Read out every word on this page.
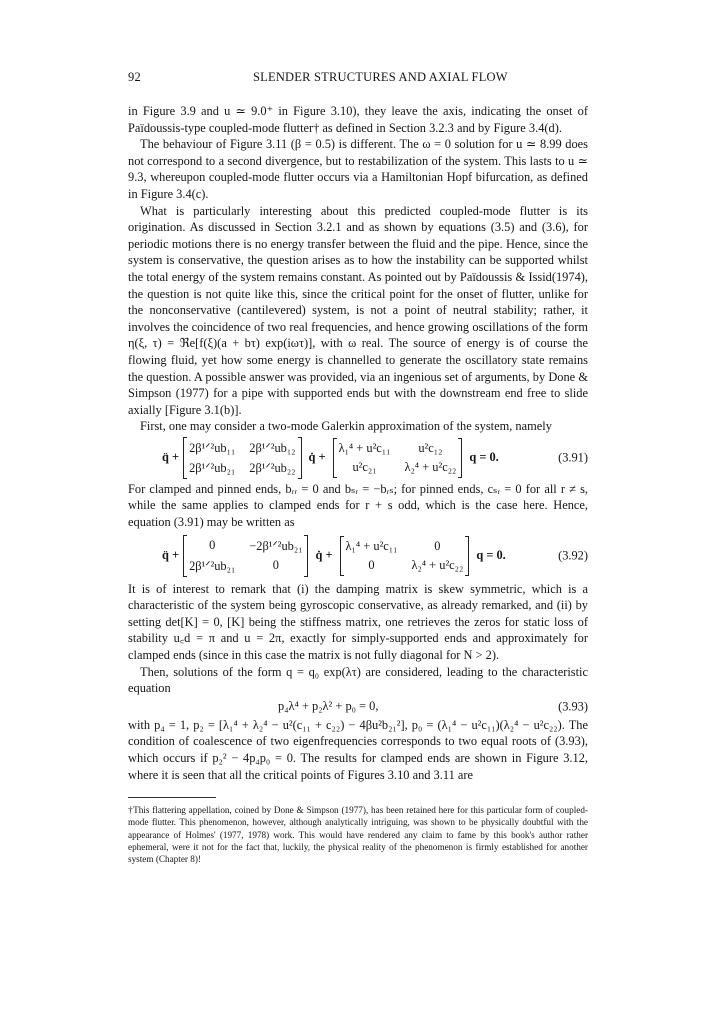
92	SLENDER STRUCTURES AND AXIAL FLOW

in Figure 3.9 and u ≃ 9.0⁺ in Figure 3.10), they leave the axis, indicating the onset of Païdoussis-type coupled-mode flutter† as defined in Section 3.2.3 and by Figure 3.4(d).

The behaviour of Figure 3.11 (β = 0.5) is different. The ω = 0 solution for u ≃ 8.99 does not correspond to a second divergence, but to restabilization of the system. This lasts to u ≃ 9.3, whereupon coupled-mode flutter occurs via a Hamiltonian Hopf bifurcation, as defined in Figure 3.4(c).

What is particularly interesting about this predicted coupled-mode flutter is its origination. As discussed in Section 3.2.1 and as shown by equations (3.5) and (3.6), for periodic motions there is no energy transfer between the fluid and the pipe. Hence, since the system is conservative, the question arises as to how the instability can be supported whilst the total energy of the system remains constant. As pointed out by Païdoussis & Issid(1974), the question is not quite like this, since the critical point for the onset of flutter, unlike for the nonconservative (cantilevered) system, is not a point of neutral stability; rather, it involves the coincidence of two real frequencies, and hence growing oscillations of the form η(ξ, τ) = ℜe[f(ξ)(a + bτ) exp(iωτ)], with ω real. The source of energy is of course the flowing fluid, yet how some energy is channelled to generate the oscillatory state remains the question. A possible answer was provided, via an ingenious set of arguments, by Done & Simpson (1977) for a pipe with supported ends but with the downstream end free to slide axially [Figure 3.1(b)].

First, one may consider a two-mode Galerkin approximation of the system, namely

q̈ +
2β¹ᐟ²ub₁₁ 2β¹ᐟ²ub₁₂
2β¹ᐟ²ub₂₁ 2β¹ᐟ²ub₂₂
q̇ +
λ₁⁴ + u²c₁₁	u²c₁₂
u²c₂₁	λ₂⁴ + u²c₂₂
q = 0.	(3.91)

For clamped and pinned ends, bᵣᵣ = 0 and bₛᵣ = −bᵣₛ; for pinned ends, cₛᵣ = 0 for all r ≠ s, while the same applies to clamped ends for r + s odd, which is the case here. Hence, equation (3.91) may be written as

q̈ +
0	−2β¹ᐟ²ub₂₁
2β¹ᐟ²ub₂₁	0
q̇ +
λ₁⁴ + u²c₁₁	0
0	λ₂⁴ + u²c₂₂
q = 0.	(3.92)

It is of interest to remark that (i) the damping matrix is skew symmetric, which is a characteristic of the system being gyroscopic conservative, as already remarked, and (ii) by setting det[K] = 0, [K] being the stiffness matrix, one retrieves the zeros for static loss of stability u꜀d = π and u = 2π, exactly for simply-supported ends and approximately for clamped ends (since in this case the matrix is not fully diagonal for N > 2).

Then, solutions of the form q = q₀ exp(λτ) are considered, leading to the characteristic equation

p₄λ⁴ + p₂λ² + p₀ = 0,	(3.93)

with p₄ = 1, p₂ = [λ₁⁴ + λ₂⁴ − u²(c₁₁ + c₂₂) − 4βu²b₂₁²], p₀ = (λ₁⁴ − u²c₁₁)(λ₂⁴ − u²c₂₂). The condition of coalescence of two eigenfrequencies corresponds to two equal roots of (3.93), which occurs if p₂² − 4p₄p₀ = 0. The results for clamped ends are shown in Figure 3.12, where it is seen that all the critical points of Figures 3.10 and 3.11 are

†This flattering appellation, coined by Done & Simpson (1977), has been retained here for this particular form of coupled-mode flutter. This phenomenon, however, although analytically intriguing, was shown to be physically doubtful with the appearance of Holmes' (1977, 1978) work. This would have rendered any claim to fame by this book's author rather ephemeral, were it not for the fact that, luckily, the physical reality of the phenomenon is firmly established for another system (Chapter 8)!
